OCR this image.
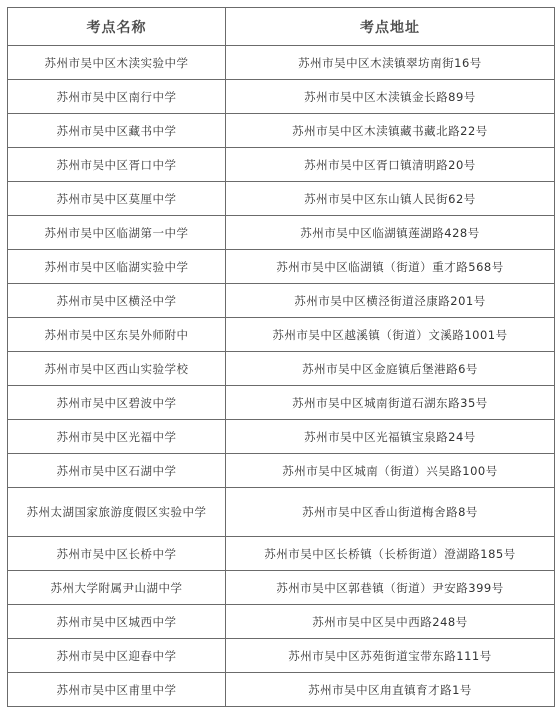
考点名称	考点地址
苏州市吴中区木渎实验中学	苏州市吴中区木渎镇翠坊南街16号
苏州市吴中区南行中学	苏州市吴中区木渎镇金长路89号
苏州市吴中区藏书中学	苏州市吴中区木渎镇藏书藏北路22号
苏州市吴中区胥口中学	苏州市吴中区胥口镇清明路20号
苏州市吴中区莫厘中学	苏州市吴中区东山镇人民街62号
苏州市吴中区临湖第一中学	苏州市吴中区临湖镇莲湖路428号
苏州市吴中区临湖实验中学	苏州市吴中区临湖镇（街道）重才路568号
苏州市吴中区横泾中学	苏州市吴中区横泾街道泾康路201号
苏州市吴中区东吴外师附中	苏州市吴中区越溪镇（街道）文溪路1001号
苏州市吴中区西山实验学校	苏州市吴中区金庭镇后堡港路6号
苏州市吴中区碧波中学	苏州市吴中区城南街道石湖东路35号
苏州市吴中区光福中学	苏州市吴中区光福镇宝泉路24号
苏州市吴中区石湖中学	苏州市吴中区城南（街道）兴吴路100号
苏州太湖国家旅游度假区实验中学	苏州市吴中区香山街道梅舍路8号
苏州市吴中区长桥中学	苏州市吴中区长桥镇（长桥街道）澄湖路185号
苏州大学附属尹山湖中学	苏州市吴中区郭巷镇（街道）尹安路399号
苏州市吴中区城西中学	苏州市吴中区吴中西路248号
苏州市吴中区迎春中学	苏州市吴中区苏苑街道宝带东路111号
苏州市吴中区甫里中学	苏州市吴中区甪直镇育才路1号
